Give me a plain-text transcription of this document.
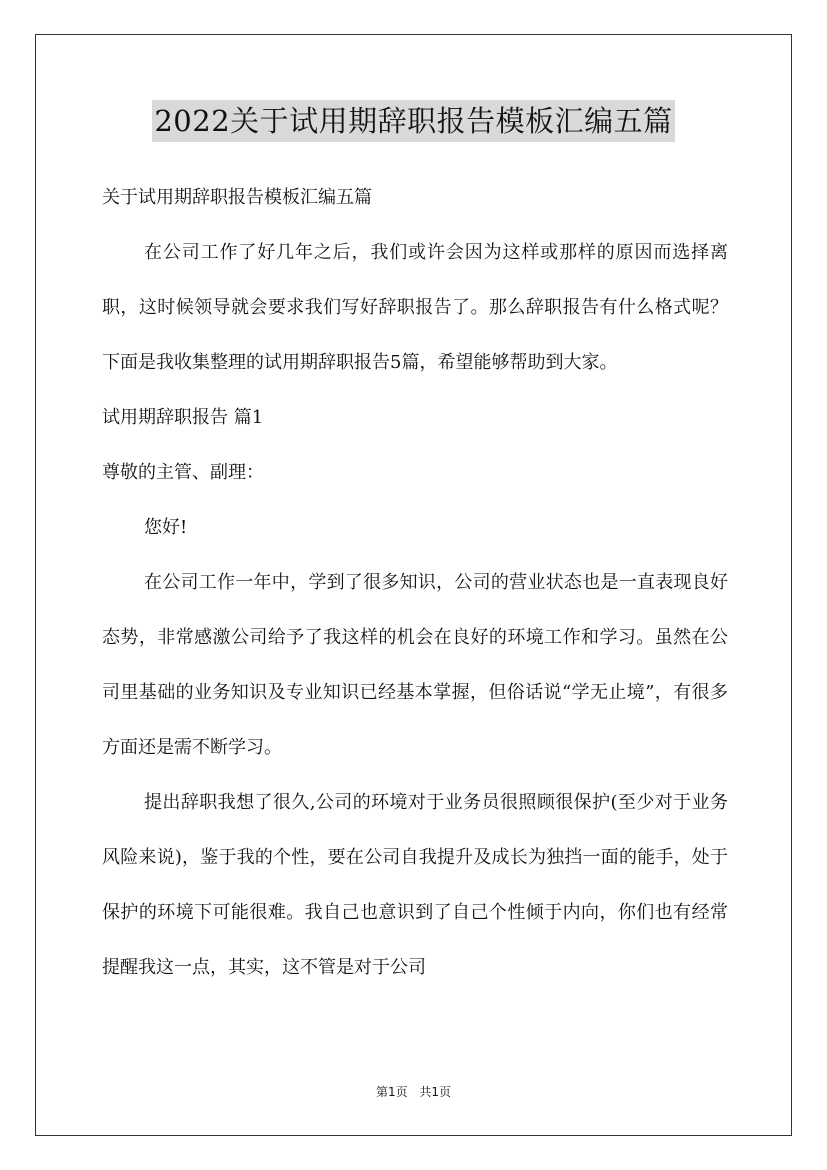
2022关于试用期辞职报告模板汇编五篇

关于试用期辞职报告模板汇编五篇

在公司工作了好几年之后，我们或许会因为这样或那样的原因而选择离职，这时候领导就会要求我们写好辞职报告了。那么辞职报告有什么格式呢？下面是我收集整理的试用期辞职报告5篇，希望能够帮助到大家。

试用期辞职报告 篇1

尊敬的主管、副理：

您好!

在公司工作一年中，学到了很多知识，公司的营业状态也是一直表现良好态势，非常感激公司给予了我这样的机会在良好的环境工作和学习。虽然在公司里基础的业务知识及专业知识已经基本掌握，但俗话说“学无止境”，有很多方面还是需不断学习。

提出辞职我想了很久,公司的环境对于业务员很照顾很保护(至少对于业务风险来说)，鉴于我的个性，要在公司自我提升及成长为独挡一面的能手，处于保护的环境下可能很难。我自己也意识到了自己个性倾于内向，你们也有经常提醒我这一点，其实，这不管是对于公司

第1页 共1页
